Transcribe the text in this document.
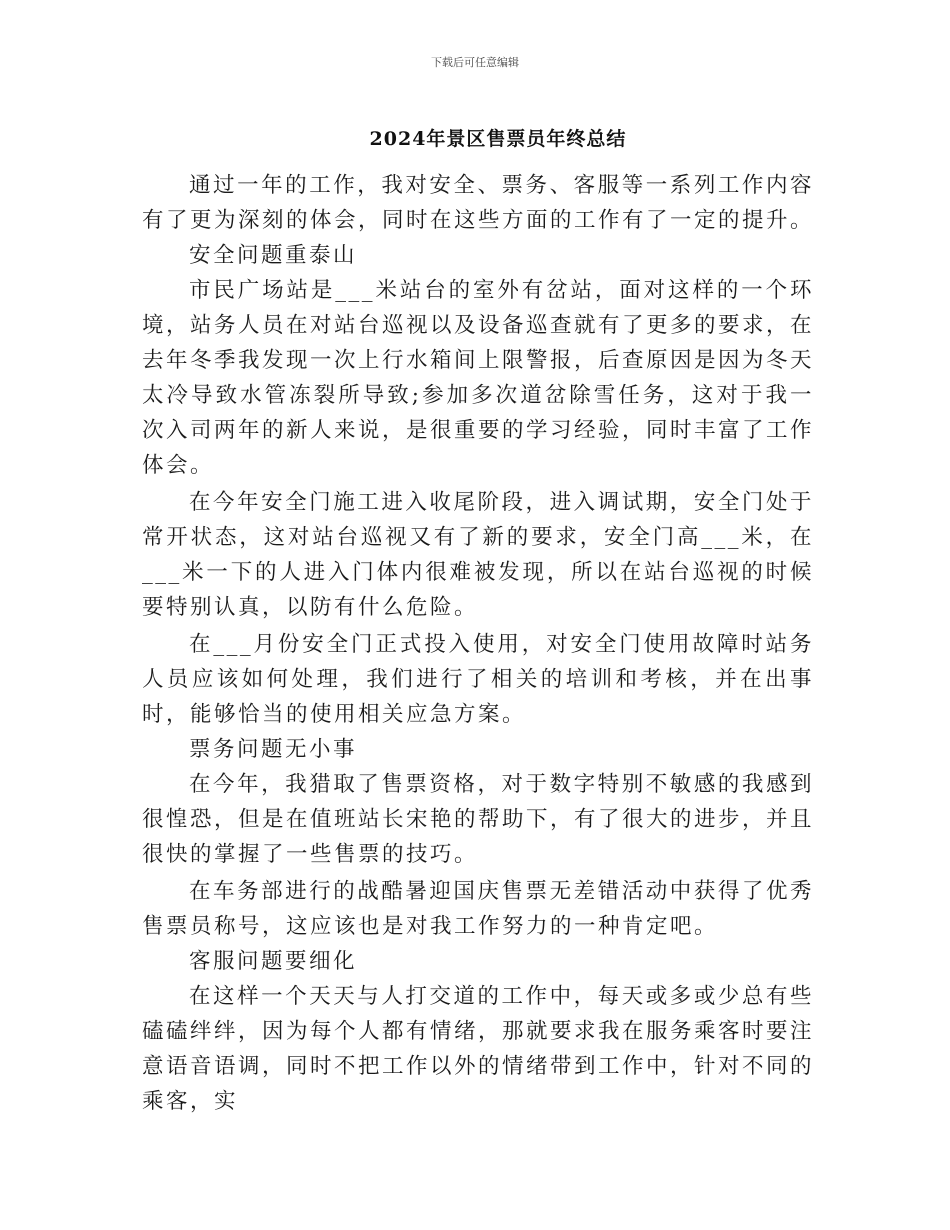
下载后可任意编辑
2024年景区售票员年终总结

通过一年的工作，我对安全、票务、客服等一系列工作内容有了更为深刻的体会，同时在这些方面的工作有了一定的提升。

安全问题重泰山

市民广场站是___米站台的室外有岔站，面对这样的一个环境，站务人员在对站台巡视以及设备巡查就有了更多的要求，在去年冬季我发现一次上行水箱间上限警报，后查原因是因为冬天太冷导致水管冻裂所导致;参加多次道岔除雪任务，这对于我一次入司两年的新人来说，是很重要的学习经验，同时丰富了工作体会。

在今年安全门施工进入收尾阶段，进入调试期，安全门处于常开状态，这对站台巡视又有了新的要求，安全门高___米，在___米一下的人进入门体内很难被发现，所以在站台巡视的时候要特别认真，以防有什么危险。

在___月份安全门正式投入使用，对安全门使用故障时站务人员应该如何处理，我们进行了相关的培训和考核，并在出事时，能够恰当的使用相关应急方案。

票务问题无小事

在今年，我猎取了售票资格，对于数字特别不敏感的我感到很惶恐，但是在值班站长宋艳的帮助下，有了很大的进步，并且很快的掌握了一些售票的技巧。

在车务部进行的战酷暑迎国庆售票无差错活动中获得了优秀售票员称号，这应该也是对我工作努力的一种肯定吧。

客服问题要细化

在这样一个天天与人打交道的工作中，每天或多或少总有些磕磕绊绊，因为每个人都有情绪，那就要求我在服务乘客时要注意语音语调，同时不把工作以外的情绪带到工作中，针对不同的乘客，实
